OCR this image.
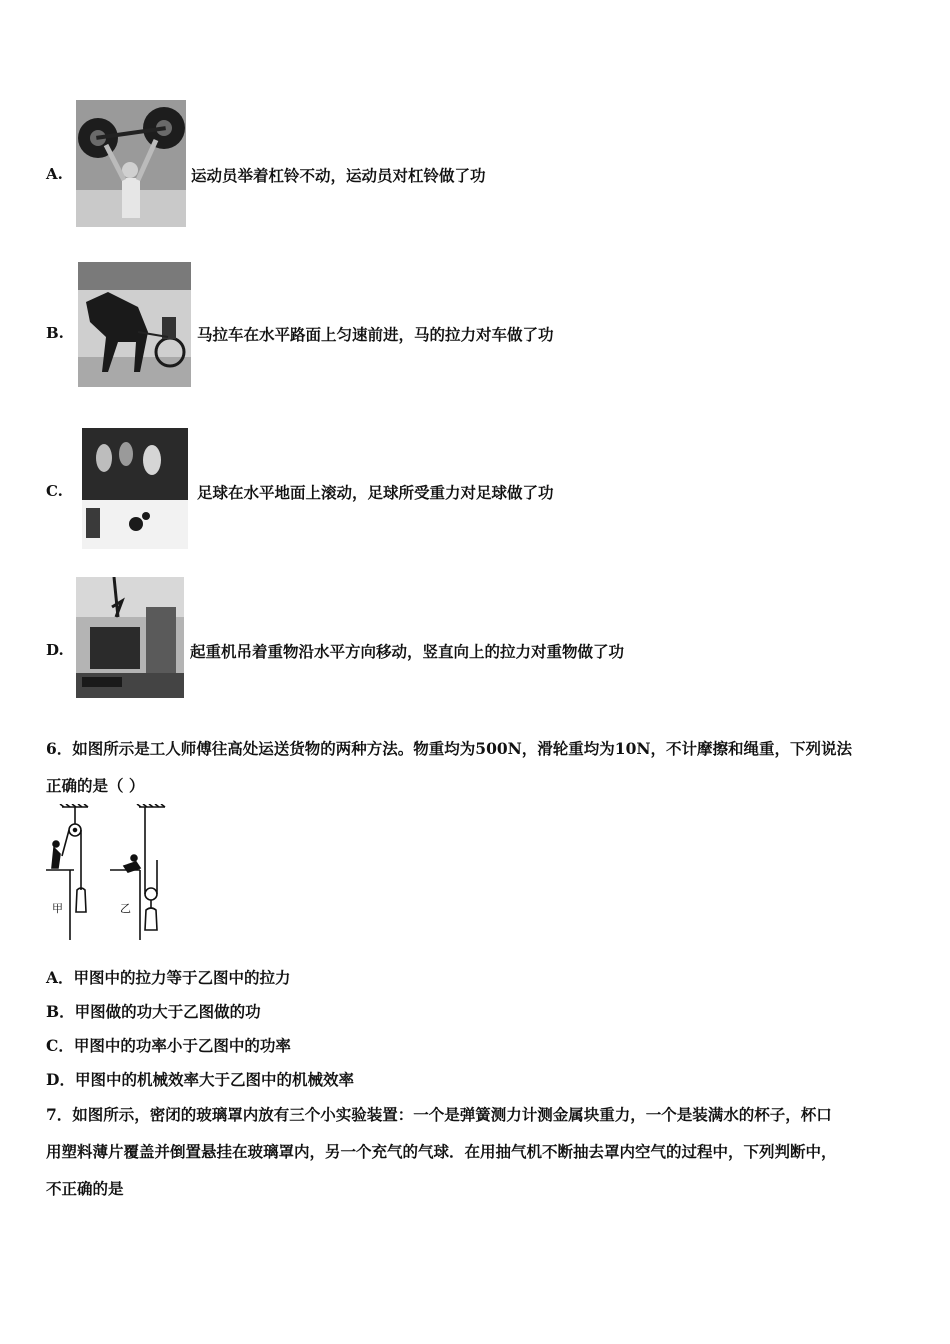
A.	运动员举着杠铃不动，运动员对杠铃做了功
B.	马拉车在水平路面上匀速前进，马的拉力对车做了功
C.	足球在水平地面上滚动，足球所受重力对足球做了功
D.	起重机吊着重物沿水平方向移动，竖直向上的拉力对重物做了功
6．如图所示是工人师傅往高处运送货物的两种方法。物重均为500N，滑轮重均为10N，不计摩擦和绳重，下列说法
正确的是（ ）
甲	乙
A．甲图中的拉力等于乙图中的拉力
B．甲图做的功大于乙图做的功
C．甲图中的功率小于乙图中的功率
D．甲图中的机械效率大于乙图中的机械效率
7．如图所示，密闭的玻璃罩内放有三个小实验装置：一个是弹簧测力计测金属块重力，一个是装满水的杯子，杯口
用塑料薄片覆盖并倒置悬挂在玻璃罩内，另一个充气的气球．在用抽气机不断抽去罩内空气的过程中，下列判断中，
不正确的是
